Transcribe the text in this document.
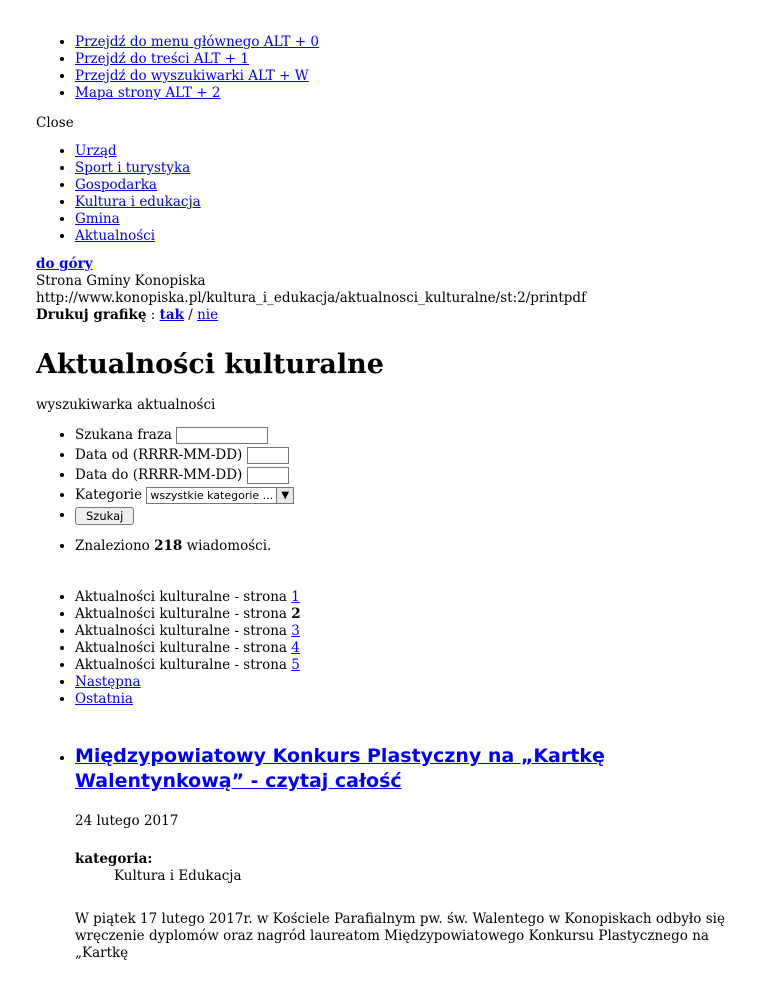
• Przejdź do menu głównego ALT + 0
• Przejdź do treści ALT + 1
• Przejdź do wyszukiwarki ALT + W
• Mapa strony ALT + 2
Close
• Urząd
• Sport i turystyka
• Gospodarka
• Kultura i edukacja
• Gmina
• Aktualności
do góry
Strona Gminy Konopiska
http://www.konopiska.pl/kultura_i_edukacja/aktualnosci_kulturalne/st:2/printpdf
Drukuj grafikę : tak / nie
Aktualności kulturalne
wyszukiwarka aktualności
• Szukana fraza
• Data od (RRRR-MM-DD)
• Data do (RRRR-MM-DD)
• Kategorie wszystkie kategorie ... ▼
• Szukaj
• Znaleziono 218 wiadomości.
• Aktualności kulturalne - strona 1
• Aktualności kulturalne - strona 2
• Aktualności kulturalne - strona 3
• Aktualności kulturalne - strona 4
• Aktualności kulturalne - strona 5
• Następna
• Ostatnia
• Międzypowiatowy Konkurs Plastyczny na „Kartkę Walentynkową” - czytaj całość
24 lutego 2017
kategoria:
Kultura i Edukacja
W piątek 17 lutego 2017r. w Kościele Parafialnym pw. św. Walentego w Konopiskach odbyło się wręczenie dyplomów oraz nagród laureatom Międzypowiatowego Konkursu Plastycznego na „Kartkę
